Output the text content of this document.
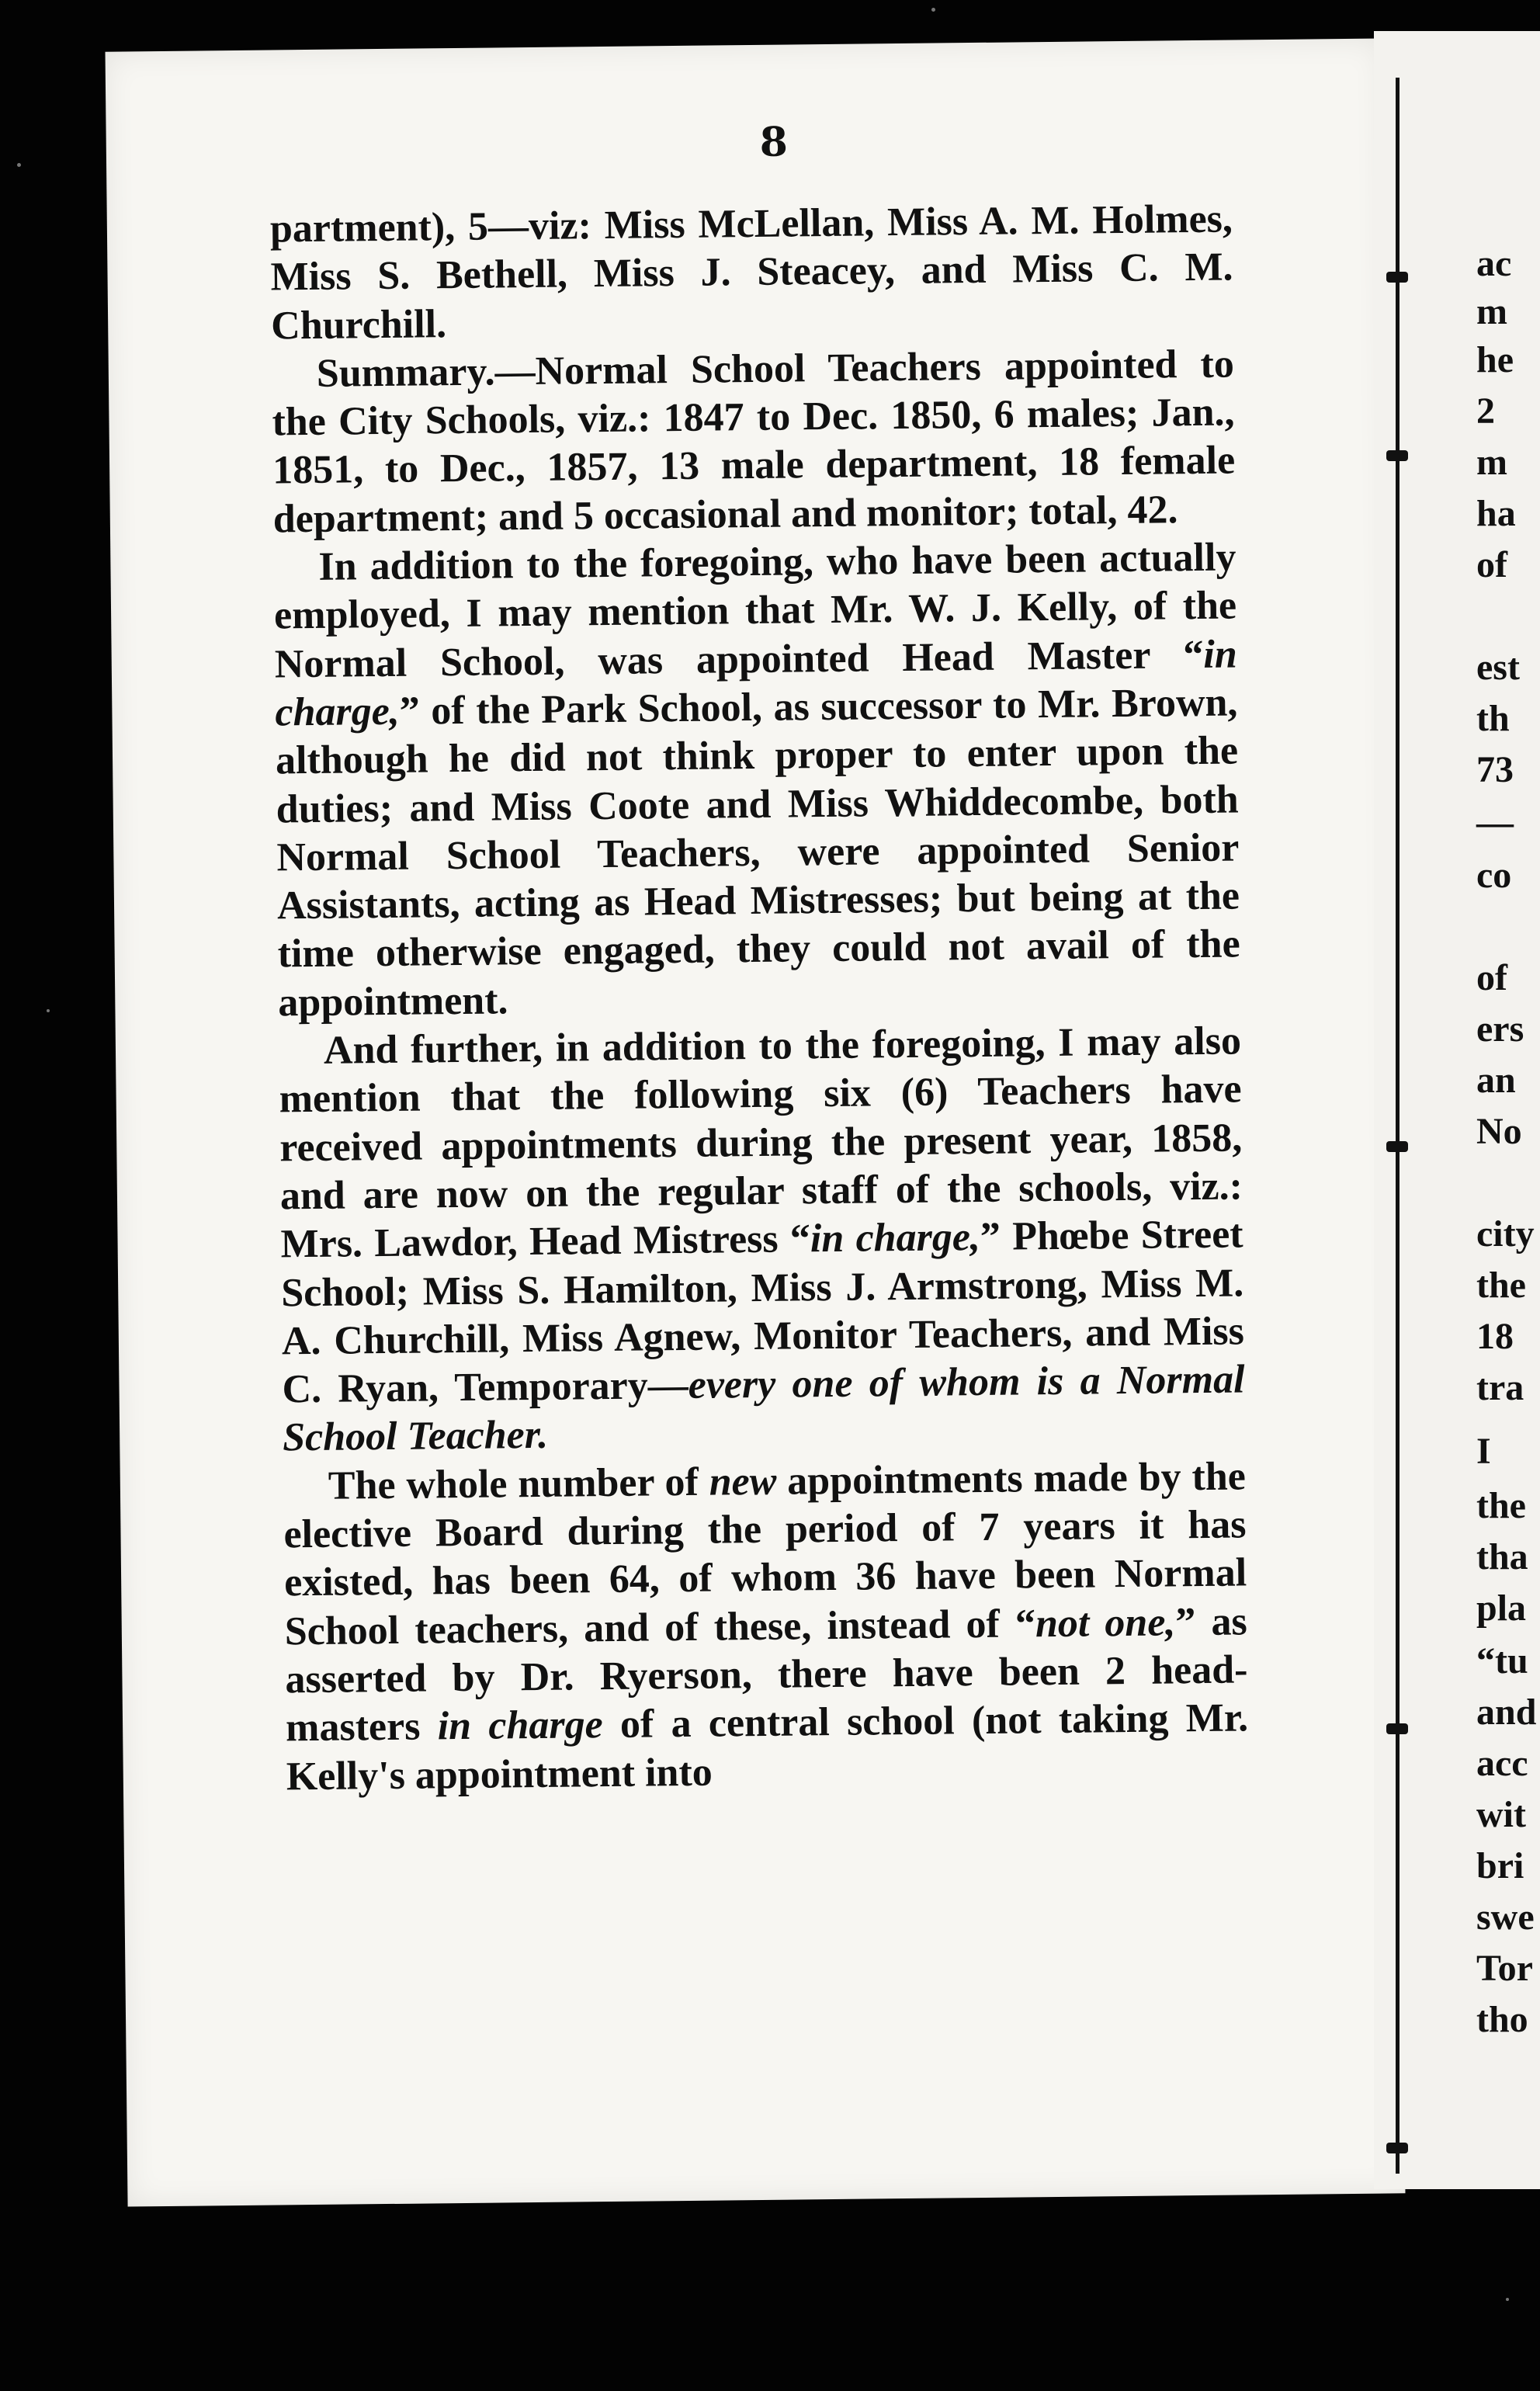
8

partment), 5—viz: Miss McLellan, Miss A. M. Holmes, Miss S. Bethell, Miss J. Steacey, and Miss C. M. Churchill.

Summary.—Normal School Teachers appointed to the City Schools, viz.: 1847 to Dec. 1850, 6 males; Jan., 1851, to Dec., 1857, 13 male department, 18 female department; and 5 occasional and monitor; total, 42.

In addition to the foregoing, who have been actually employed, I may mention that Mr. W. J. Kelly, of the Normal School, was appointed Head Master “in charge,” of the Park School, as successor to Mr. Brown, although he did not think proper to enter upon the duties; and Miss Coote and Miss Whiddecombe, both Normal School Teachers, were appointed Senior Assistants, acting as Head Mistresses; but being at the time otherwise engaged, they could not avail of the appointment.

And further, in addition to the foregoing, I may also mention that the following six (6) Teachers have received appointments during the present year, 1858, and are now on the regular staff of the schools, viz.: Mrs. Lawdor, Head Mistress “in charge,” Phœbe Street School; Miss S. Hamilton, Miss J. Armstrong, Miss M. A. Churchill, Miss Agnew, Monitor Teachers, and Miss C. Ryan, Temporary—every one of whom is a Normal School Teacher.

The whole number of new appointments made by the elective Board during the period of 7 years it has existed, has been 64, of whom 36 have been Normal School teachers, and of these, instead of “not one,” as asserted by Dr. Ryerson, there have been 2 head-masters in charge of a central school (not taking Mr. Kelly's appointment into

ac
m
he
2
m
ha
of
est
th
73
—
co
of
ers
an
No
city
the
18
tra
I
the
tha
pla
“tu
and
acc
wit
bri
swe
Tor
tho
